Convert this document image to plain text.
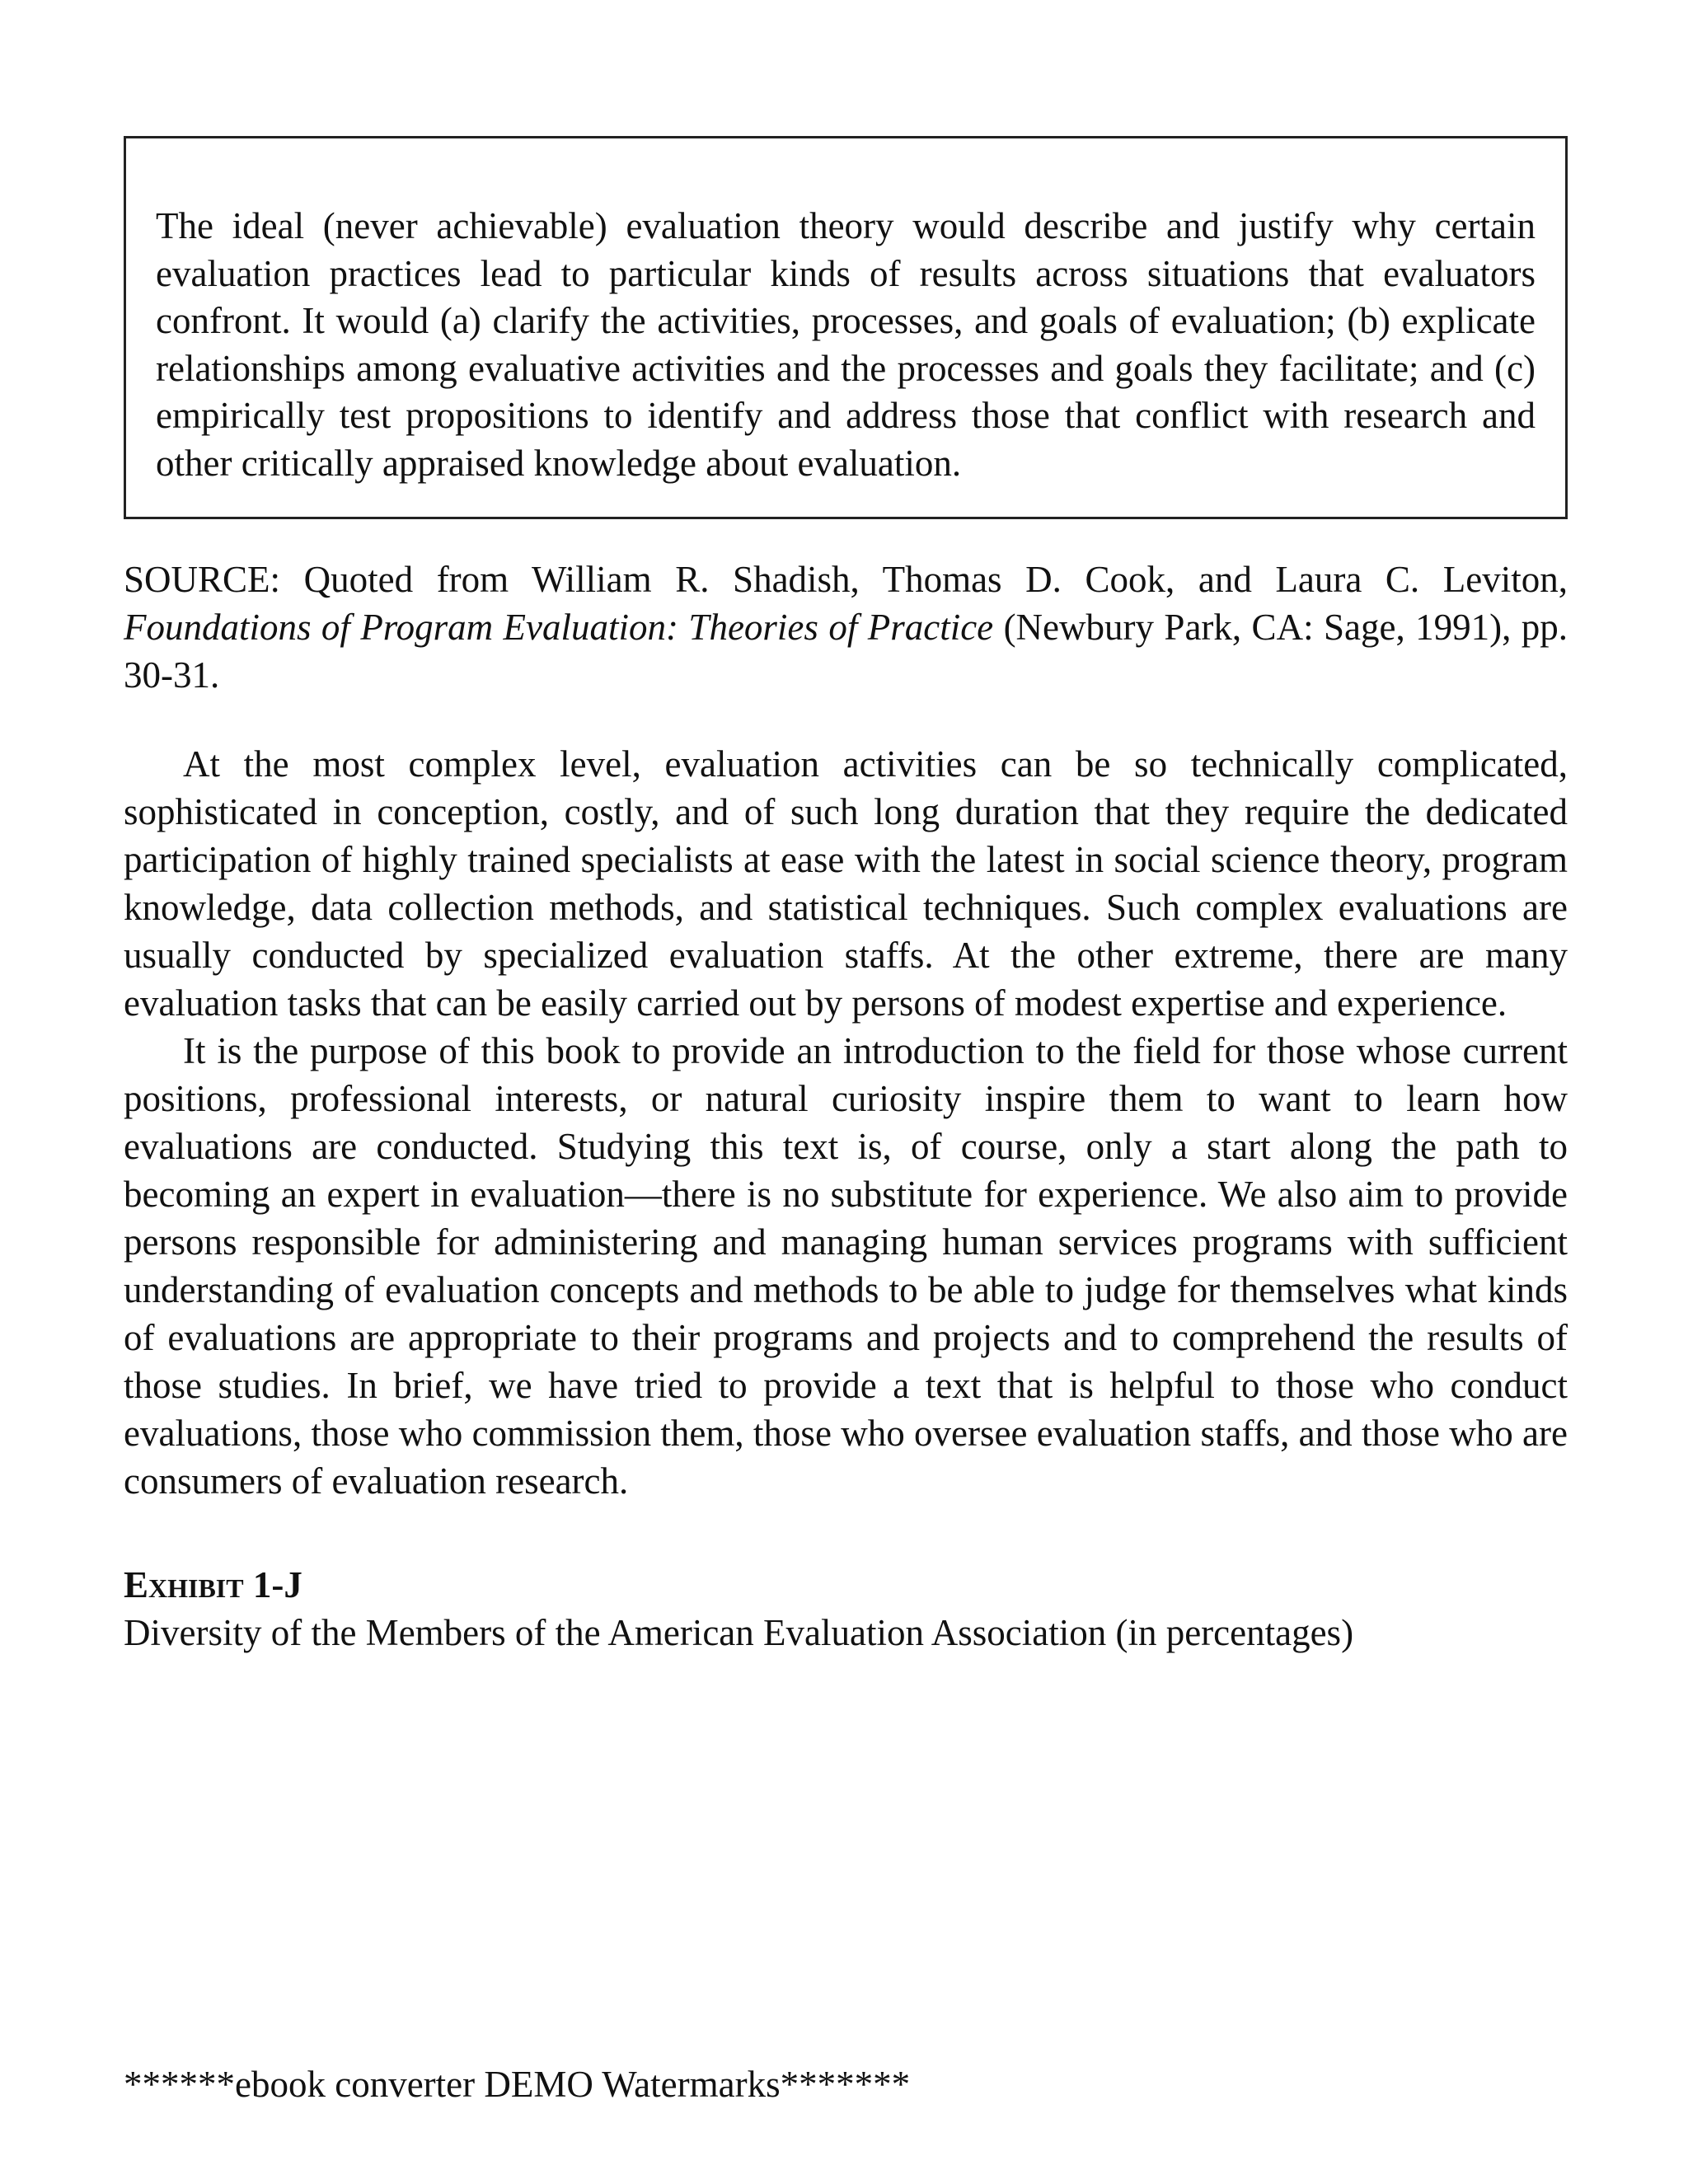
The ideal (never achievable) evaluation theory would describe and justify why certain evaluation practices lead to particular kinds of results across situations that evaluators confront. It would (a) clarify the activities, processes, and goals of evaluation; (b) explicate relationships among evaluative activities and the processes and goals they facilitate; and (c) empirically test propositions to identify and address those that conflict with research and other critically appraised knowledge about evaluation.

SOURCE: Quoted from William R. Shadish, Thomas D. Cook, and Laura C. Leviton, Foundations of Program Evaluation: Theories of Practice (Newbury Park, CA: Sage, 1991), pp. 30-31.

At the most complex level, evaluation activities can be so technically complicated, sophisticated in conception, costly, and of such long duration that they require the dedicated participation of highly trained specialists at ease with the latest in social science theory, program knowledge, data collection methods, and statistical techniques. Such complex evaluations are usually conducted by specialized evaluation staffs. At the other extreme, there are many evaluation tasks that can be easily carried out by persons of modest expertise and experience.

It is the purpose of this book to provide an introduction to the field for those whose current positions, professional interests, or natural curiosity inspire them to want to learn how evaluations are conducted. Studying this text is, of course, only a start along the path to becoming an expert in evaluation—there is no substitute for experience. We also aim to provide persons responsible for administering and managing human services programs with sufficient understanding of evaluation concepts and methods to be able to judge for themselves what kinds of evaluations are appropriate to their programs and projects and to comprehend the results of those studies. In brief, we have tried to provide a text that is helpful to those who conduct evaluations, those who commission them, those who oversee evaluation staffs, and those who are consumers of evaluation research.

Exhibit 1-J

Diversity of the Members of the American Evaluation Association (in percentages)

******ebook converter DEMO Watermarks*******
